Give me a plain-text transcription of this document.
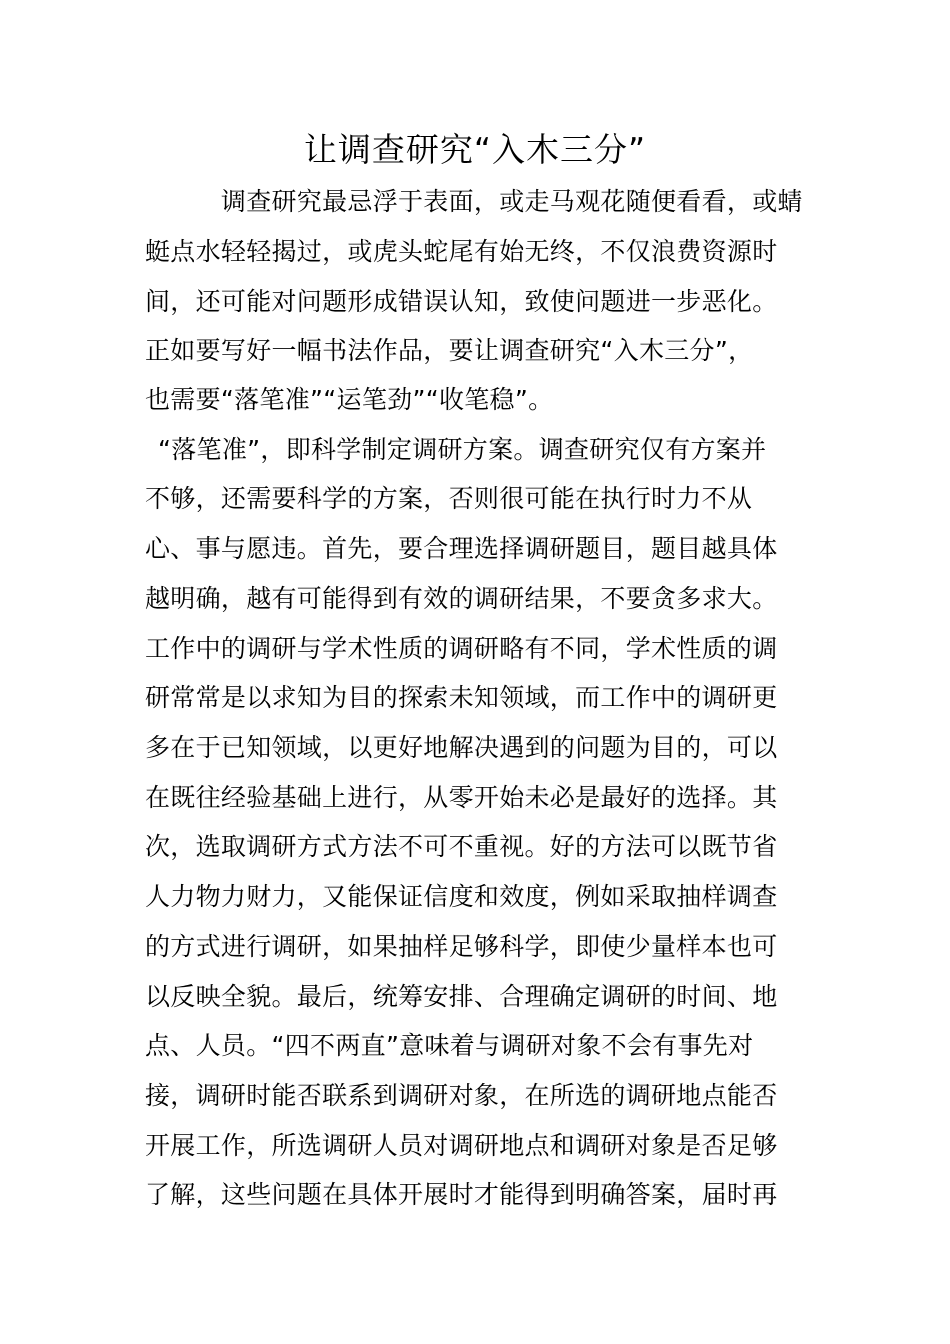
让调查研究“入木三分”
　　　调查研究最忌浮于表面，或走马观花随便看看，或蜻
蜓点水轻轻揭过，或虎头蛇尾有始无终，不仅浪费资源时
间，还可能对问题形成错误认知，致使问题进一步恶化。
正如要写好一幅书法作品，要让调查研究“入木三分”，
也需要“落笔准”“运笔劲”“收笔稳”。
“落笔准”，即科学制定调研方案。调查研究仅有方案并
不够，还需要科学的方案，否则很可能在执行时力不从
心、事与愿违。首先，要合理选择调研题目，题目越具体
越明确，越有可能得到有效的调研结果，不要贪多求大。
工作中的调研与学术性质的调研略有不同，学术性质的调
研常常是以求知为目的探索未知领域，而工作中的调研更
多在于已知领域，以更好地解决遇到的问题为目的，可以
在既往经验基础上进行，从零开始未必是最好的选择。其
次，选取调研方式方法不可不重视。好的方法可以既节省
人力物力财力，又能保证信度和效度，例如采取抽样调查
的方式进行调研，如果抽样足够科学，即使少量样本也可
以反映全貌。最后，统筹安排、合理确定调研的时间、地
点、人员。“四不两直”意味着与调研对象不会有事先对
接，调研时能否联系到调研对象，在所选的调研地点能否
开展工作，所选调研人员对调研地点和调研对象是否足够
了解，这些问题在具体开展时才能得到明确答案，届时再
